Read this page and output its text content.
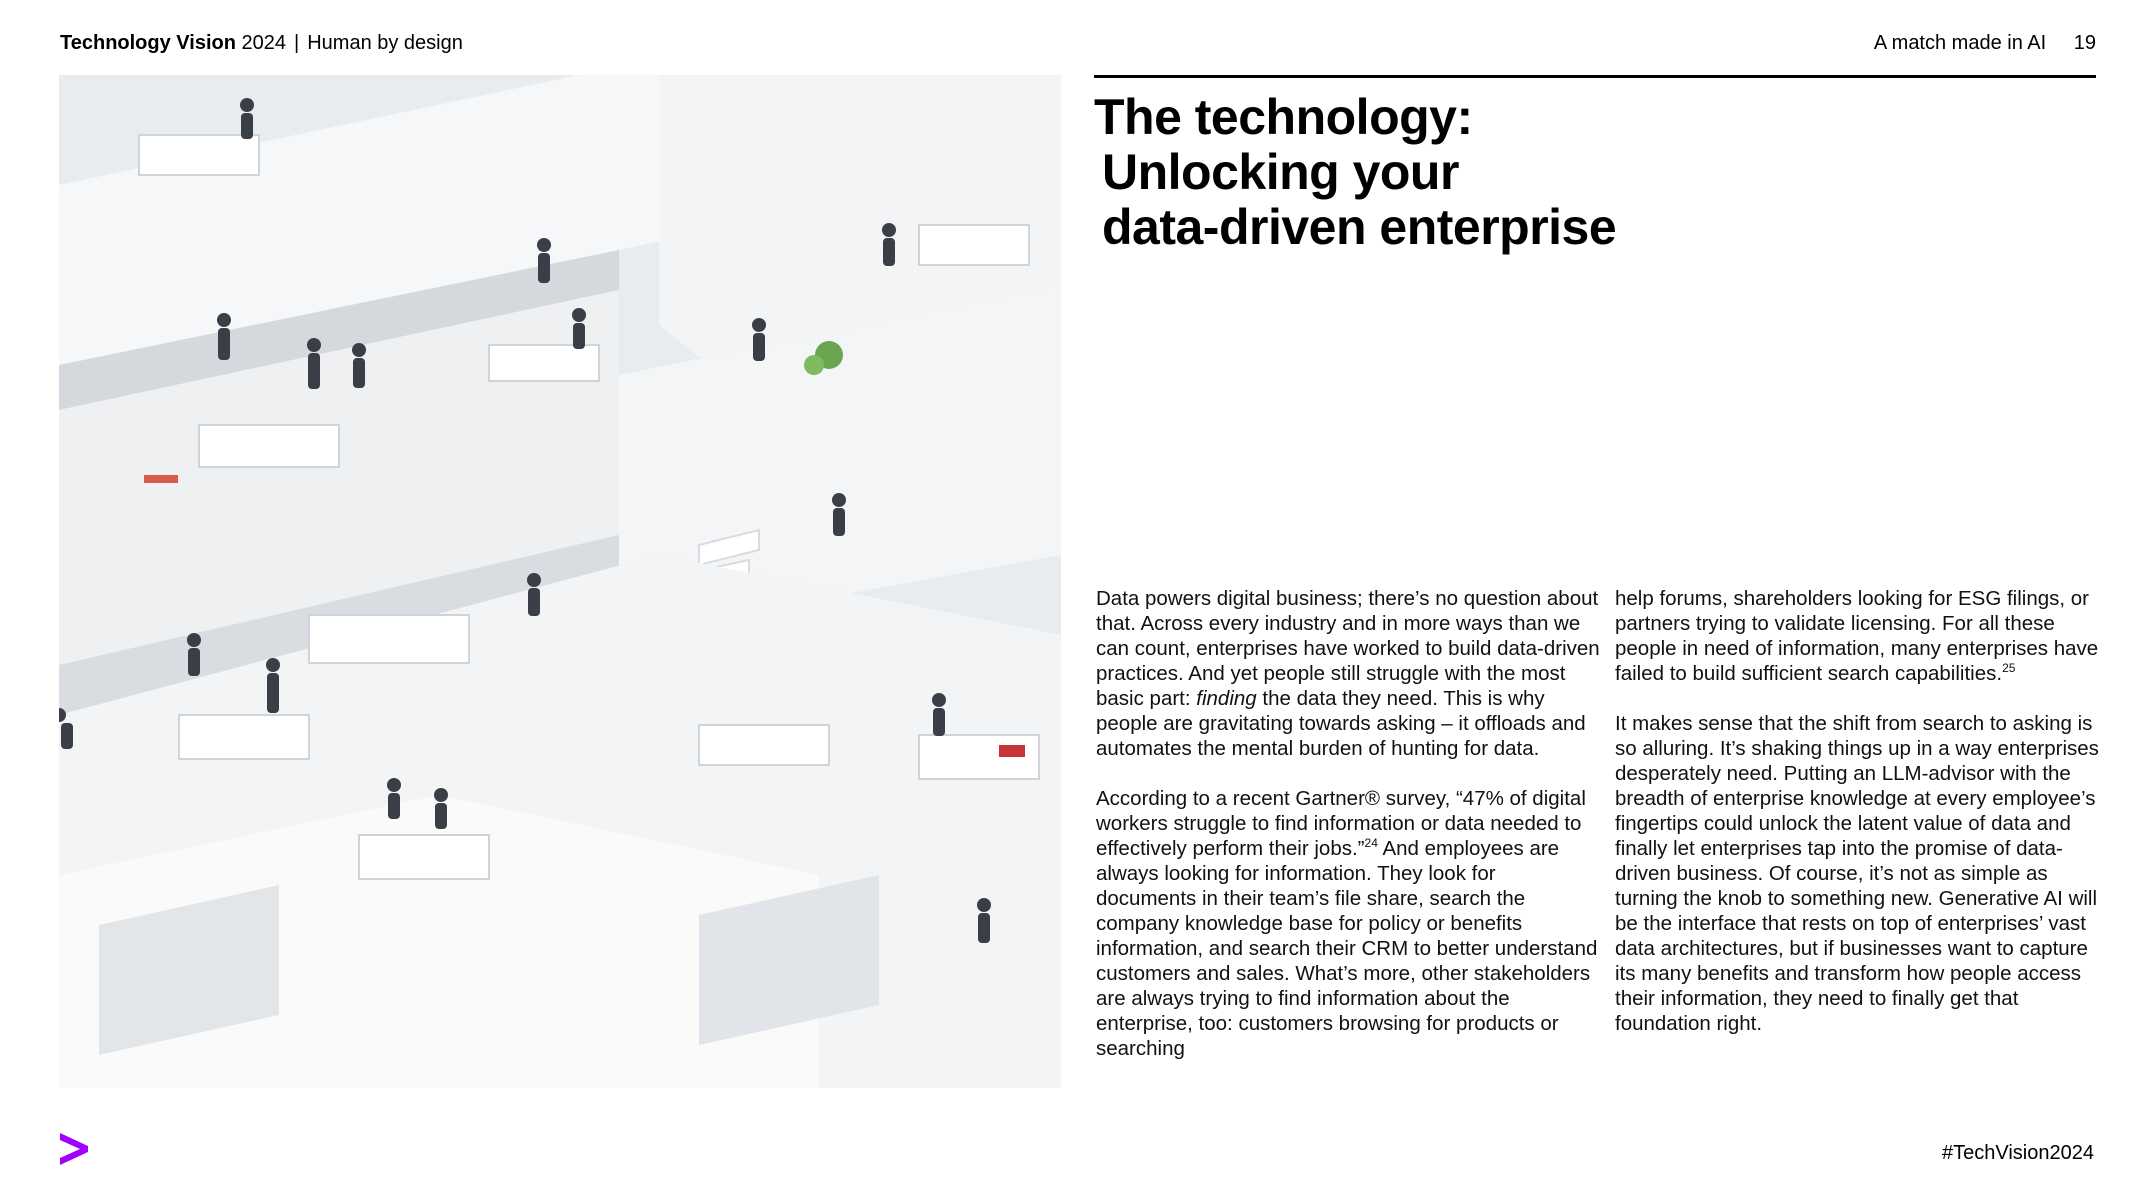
Technology Vision 2024 | Human by design	A match made in AI 19
The technology:
Unlocking your
data-driven enterprise

Data powers digital business; there’s no question about that. Across every industry and in more ways than we can count, enterprises have worked to build data-driven practices. And yet people still struggle with the most basic part: finding the data they need. This is why people are gravitating towards asking – it offloads and automates the mental burden of hunting for data.

According to a recent Gartner® survey, “47% of digital workers struggle to find information or data needed to effectively perform their jobs.”$^{24}$ And employees are always looking for information. They look for documents in their team’s file share, search the company knowledge base for policy or benefits information, and search their CRM to better understand customers and sales. What’s more, other stakeholders are always trying to find information about the enterprise, too: customers browsing for products or searching

help forums, shareholders looking for ESG filings, or partners trying to validate licensing. For all these people in need of information, many enterprises have failed to build sufficient search capabilities.$^{25}$

It makes sense that the shift from search to asking is so alluring. It’s shaking things up in a way enterprises desperately need. Putting an LLM-advisor with the breadth of enterprise knowledge at every employee’s fingertips could unlock the latent value of data and finally let enterprises tap into the promise of data-driven business. Of course, it’s not as simple as turning the knob to something new. Generative AI will be the interface that rests on top of enterprises’ vast data architectures, but if businesses want to capture its many benefits and transform how people access their information, they need to finally get that foundation right.

#TechVision2024
